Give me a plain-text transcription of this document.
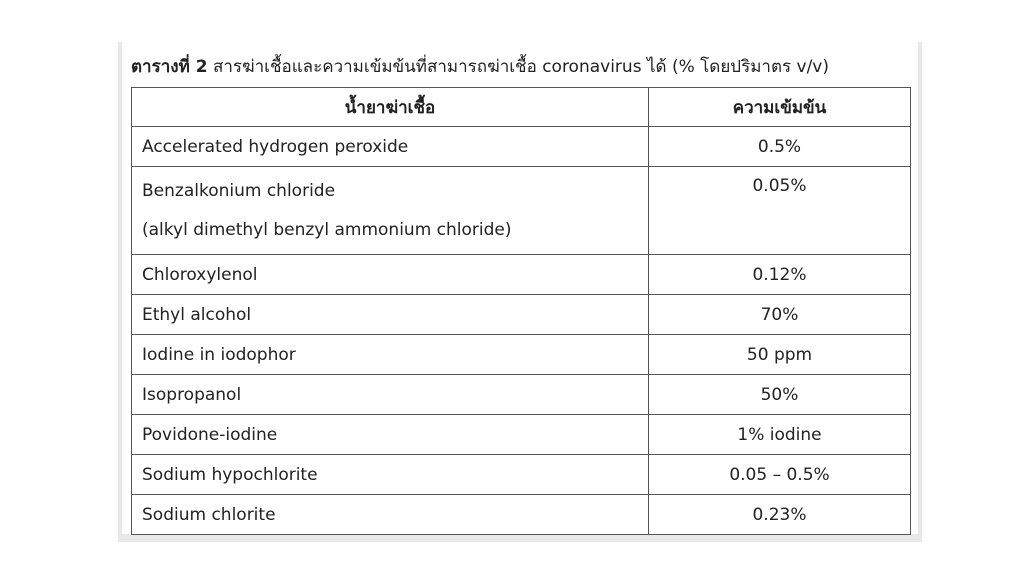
ตารางที่ 2 สารฆ่าเชื้อและความเข้มข้นที่สามารถฆ่าเชื้อ coronavirus ได้ (% โดยปริมาตร v/v)
น้ำยาฆ่าเชื้อ	ความเข้มข้น
Accelerated hydrogen peroxide	0.5%

Benzalkonium chloride
(alkyl dimethyl benzyl ammonium chloride)	0.05%
Chloroxylenol	0.12%
Ethyl alcohol	70%
Iodine in iodophor	50 ppm
Isopropanol	50%
Povidone-iodine	1% iodine
Sodium hypochlorite	0.05 – 0.5%
Sodium chlorite	0.23%
